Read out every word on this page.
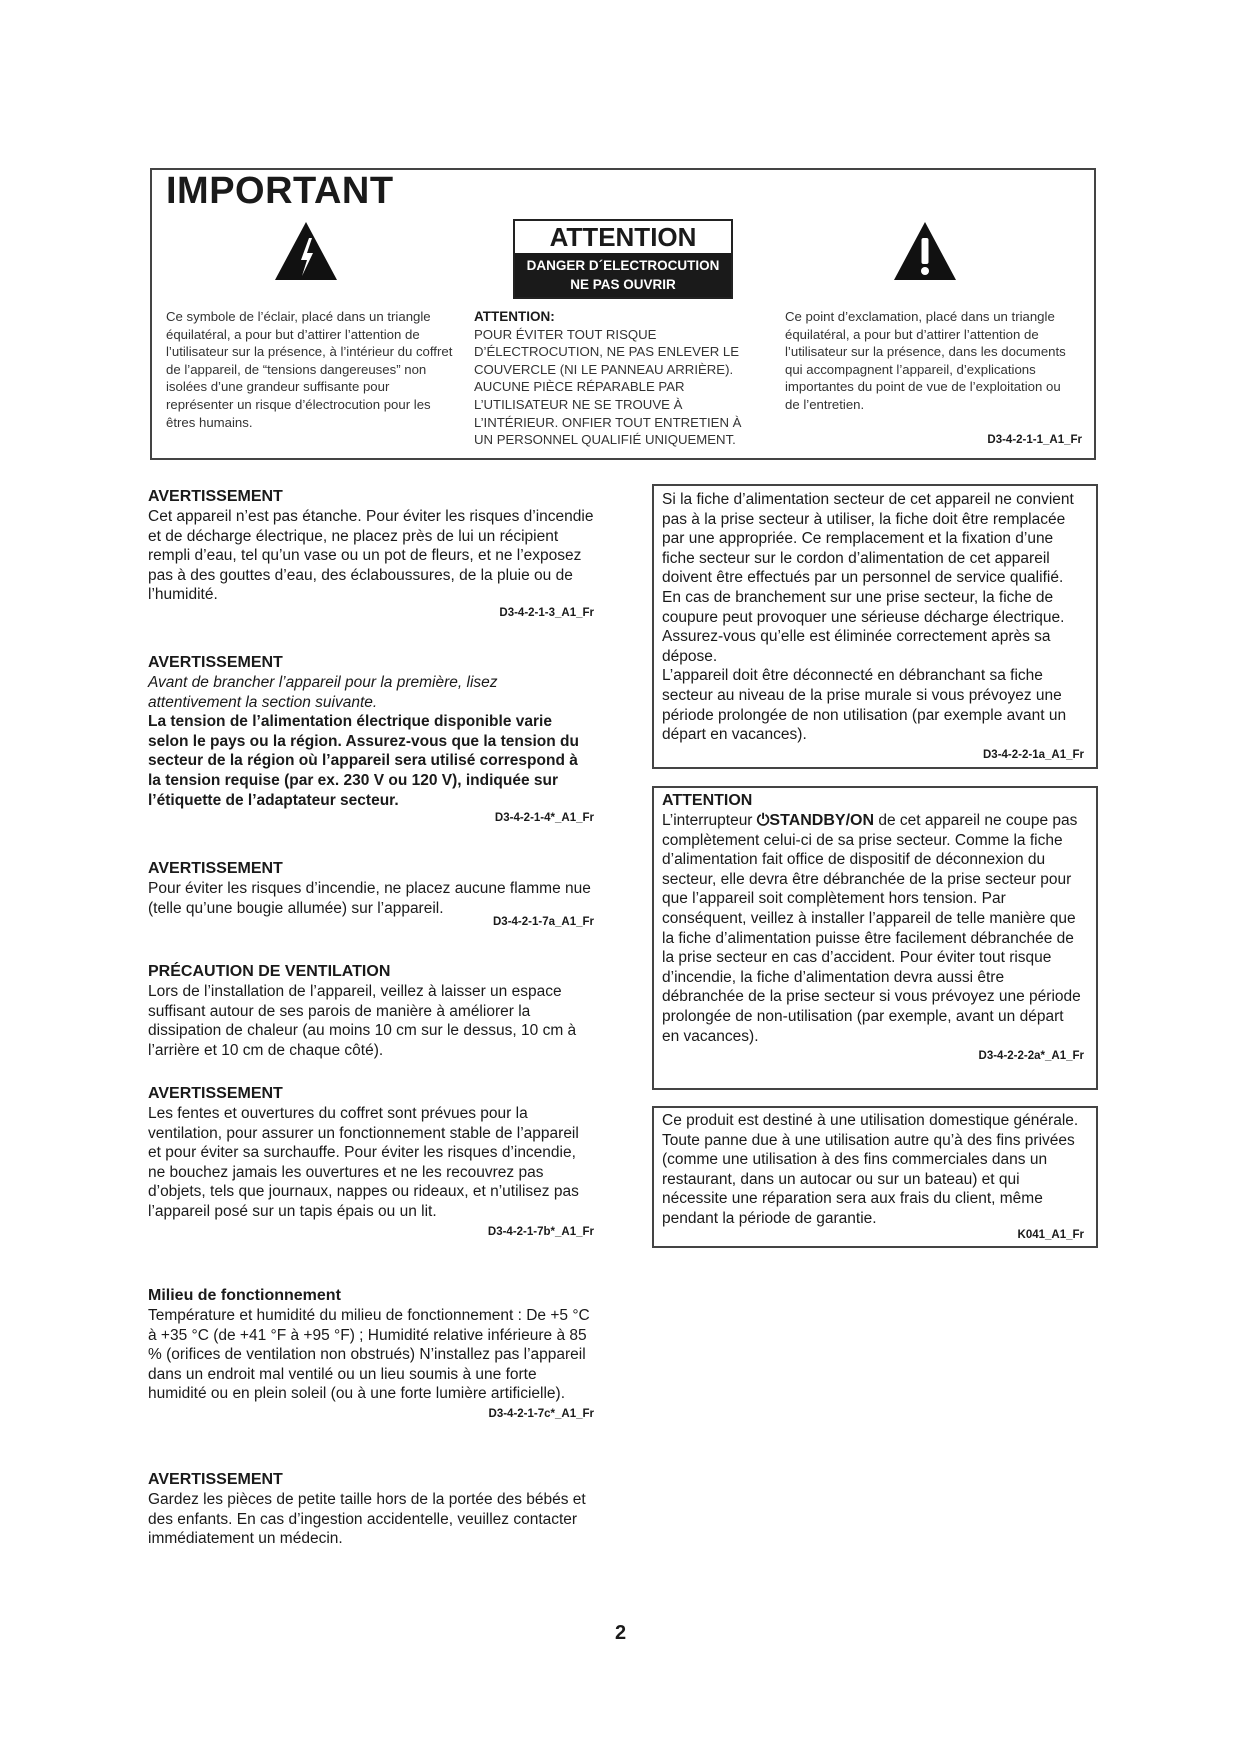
IMPORTANT
ATTENTION
DANGER D´ELECTROCUTION
NE PAS OUVRIR
Ce symbole de l’éclair, placé dans un triangle équilatéral, a pour but d’attirer l’attention de l’utilisateur sur la présence, à l’intérieur du coffret de l’appareil, de “tensions dangereuses” non isolées d’une grandeur suffisante pour représenter un risque d’électrocution pour les êtres humains.
ATTENTION:
POUR ÉVITER TOUT RISQUE D’ÉLECTROCUTION, NE PAS ENLEVER LE COUVERCLE (NI LE PANNEAU ARRIÈRE). AUCUNE PIÈCE RÉPARABLE PAR L’UTILISATEUR NE SE TROUVE À L’INTÉRIEUR. ONFIER TOUT ENTRETIEN À UN PERSONNEL QUALIFIÉ UNIQUEMENT.
Ce point d’exclamation, placé dans un triangle équilatéral, a pour but d’attirer l’attention de l’utilisateur sur la présence, dans les documents qui accompagnent l’appareil, d’explications importantes du point de vue de l’exploitation ou de l’entretien.
D3-4-2-1-1_A1_Fr
AVERTISSEMENT
Cet appareil n’est pas étanche. Pour éviter les risques d’incendie et de décharge électrique, ne placez près de lui un récipient rempli d’eau, tel qu’un vase ou un pot de fleurs, et ne l’exposez pas à des gouttes d’eau, des éclaboussures, de la pluie ou de l’humidité.
D3-4-2-1-3_A1_Fr
AVERTISSEMENT
Avant de brancher l’appareil pour la première, lisez attentivement la section suivante.
La tension de l’alimentation électrique disponible varie selon le pays ou la région. Assurez-vous que la tension du secteur de la région où l’appareil sera utilisé correspond à la tension requise (par ex. 230 V ou 120 V), indiquée sur l’étiquette de l’adaptateur secteur.
D3-4-2-1-4*_A1_Fr
AVERTISSEMENT
Pour éviter les risques d’incendie, ne placez aucune flamme nue (telle qu’une bougie allumée) sur l’appareil.
D3-4-2-1-7a_A1_Fr
PRÉCAUTION DE VENTILATION
Lors de l’installation de l’appareil, veillez à laisser un espace suffisant autour de ses parois de manière à améliorer la dissipation de chaleur (au moins 10 cm sur le dessus, 10 cm à l’arrière et 10 cm de chaque côté).
AVERTISSEMENT
Les fentes et ouvertures du coffret sont prévues pour la ventilation, pour assurer un fonctionnement stable de l’appareil et pour éviter sa surchauffe. Pour éviter les risques d’incendie, ne bouchez jamais les ouvertures et ne les recouvrez pas d’objets, tels que journaux, nappes ou rideaux, et n’utilisez pas l’appareil posé sur un tapis épais ou un lit.
D3-4-2-1-7b*_A1_Fr
Milieu de fonctionnement
Température et humidité du milieu de fonctionnement : De +5 °C à +35 °C (de +41 °F à +95 °F) ; Humidité relative inférieure à 85 % (orifices de ventilation non obstrués) N’installez pas l’appareil dans un endroit mal ventilé ou un lieu soumis à une forte humidité ou en plein soleil (ou à une forte lumière artificielle).
D3-4-2-1-7c*_A1_Fr
AVERTISSEMENT
Gardez les pièces de petite taille hors de la portée des bébés et des enfants. En cas d’ingestion accidentelle, veuillez contacter immédiatement un médecin.
Si la fiche d’alimentation secteur de cet appareil ne convient pas à la prise secteur à utiliser, la fiche doit être remplacée par une appropriée. Ce remplacement et la fixation d’une fiche secteur sur le cordon d’alimentation de cet appareil doivent être effectués par un personnel de service qualifié. En cas de branchement sur une prise secteur, la fiche de coupure peut provoquer une sérieuse décharge électrique. Assurez-vous qu’elle est éliminée correctement après sa dépose.
L’appareil doit être déconnecté en débranchant sa fiche secteur au niveau de la prise murale si vous prévoyez une période prolongée de non utilisation (par exemple avant un départ en vacances).
D3-4-2-2-1a_A1_Fr
ATTENTION
L’interrupteur ⏻STANDBY/ON de cet appareil ne coupe pas complètement celui-ci de sa prise secteur. Comme la fiche d’alimentation fait office de dispositif de déconnexion du secteur, elle devra être débranchée de la prise secteur pour que l’appareil soit complètement hors tension. Par conséquent, veillez à installer l’appareil de telle manière que la fiche d’alimentation puisse être facilement débranchée de la prise secteur en cas d’accident. Pour éviter tout risque d’incendie, la fiche d’alimentation devra aussi être débranchée de la prise secteur si vous prévoyez une période prolongée de non-utilisation (par exemple, avant un départ en vacances).
D3-4-2-2-2a*_A1_Fr
Ce produit est destiné à une utilisation domestique générale. Toute panne due à une utilisation autre qu’à des fins privées (comme une utilisation à des fins commerciales dans un restaurant, dans un autocar ou sur un bateau) et qui nécessite une réparation sera aux frais du client, même pendant la période de garantie.
K041_A1_Fr
2
